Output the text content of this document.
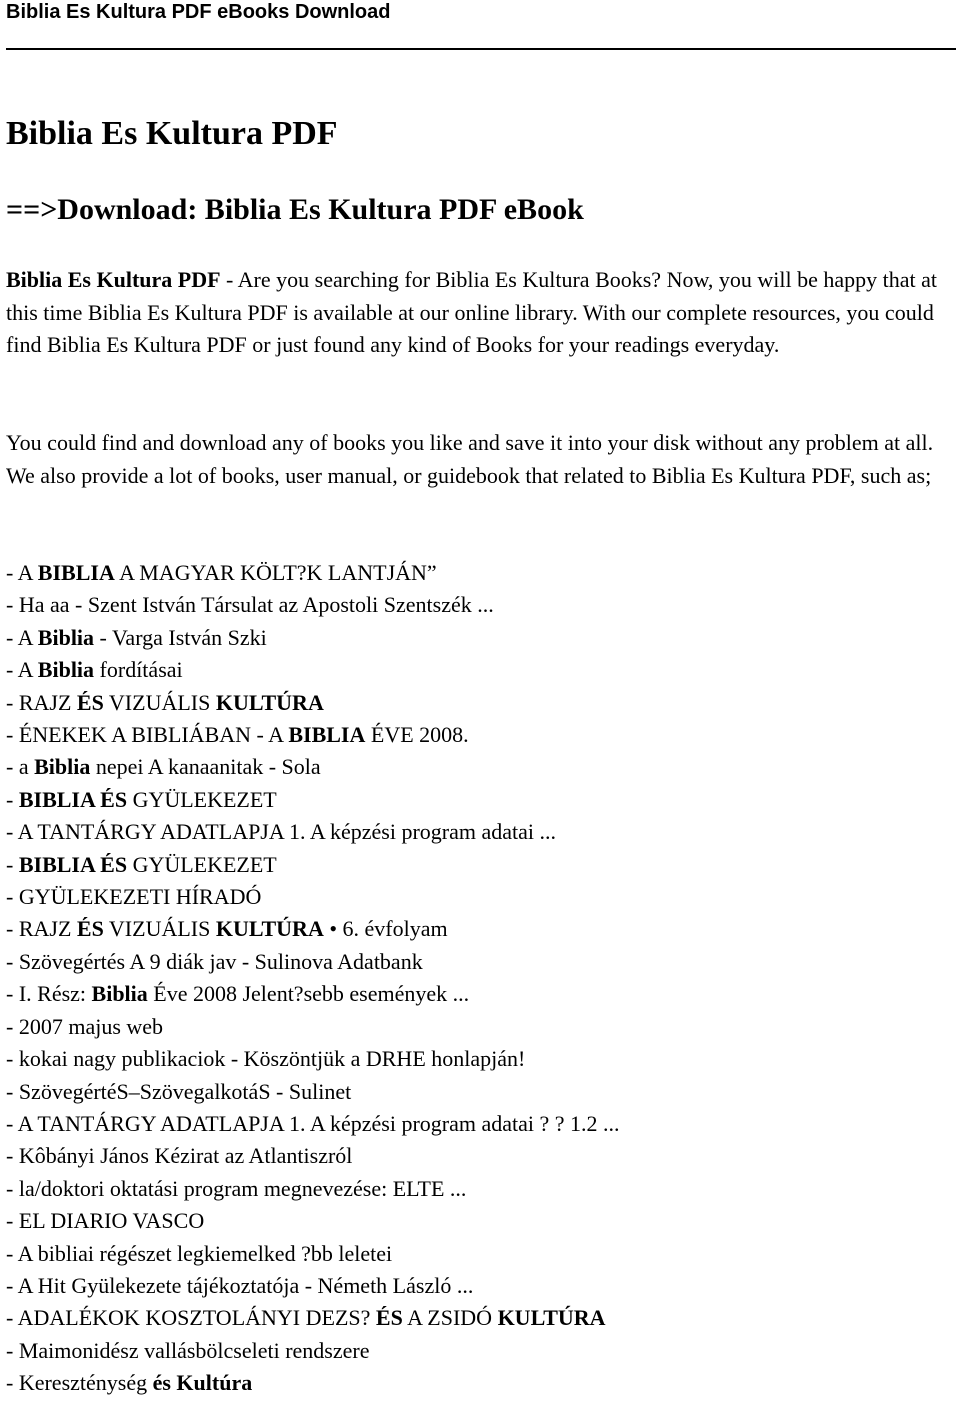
Biblia Es Kultura PDF eBooks Download
Biblia Es Kultura PDF
==>Download: Biblia Es Kultura PDF eBook

Biblia Es Kultura PDF - Are you searching for Biblia Es Kultura Books? Now, you will be happy that at this time Biblia Es Kultura PDF is available at our online library. With our complete resources, you could find Biblia Es Kultura PDF or just found any kind of Books for your readings everyday.

You could find and download any of books you like and save it into your disk without any problem at all. We also provide a lot of books, user manual, or guidebook that related to Biblia Es Kultura PDF, such as;

- A BIBLIA A MAGYAR KÖLT?K LANTJÁN”
- Ha aa - Szent István Társulat az Apostoli Szentszék ...
- A Biblia - Varga István Szki
- A Biblia fordításai
- RAJZ ÉS VIZUÁLIS KULTÚRA
- ÉNEKEK A BIBLIÁBAN - A BIBLIA ÉVE 2008.
- a Biblia nepei A kanaanitak - Sola
- BIBLIA ÉS GYÜLEKEZET
- A TANTÁRGY ADATLAPJA 1. A képzési program adatai ...
- BIBLIA ÉS GYÜLEKEZET
- GYÜLEKEZETI HÍRADÓ
- RAJZ ÉS VIZUÁLIS KULTÚRA • 6. évfolyam
- Szövegértés A 9 diák jav - Sulinova Adatbank
- I. Rész: Biblia Éve 2008 Jelent?sebb események ...
- 2007 majus web
- kokai nagy publikaciok - Köszöntjük a DRHE honlapján!
- SzövegértéS–SzövegalkotáS - Sulinet
- A TANTÁRGY ADATLAPJA 1. A képzési program adatai ? ? 1.2 ...
- Kôbányi János Kézirat az Atlantiszról
- la/doktori oktatási program megnevezése: ELTE ...
- EL DIARIO VASCO
- A bibliai régészet legkiemelked ?bb leletei
- A Hit Gyülekezete tájékoztatója - Németh László ...
- ADALÉKOK KOSZTOLÁNYI DEZS? ÉS A ZSIDÓ KULTÚRA
- Maimonidész vallásbölcseleti rendszere
- Kereszténység és Kultúra
